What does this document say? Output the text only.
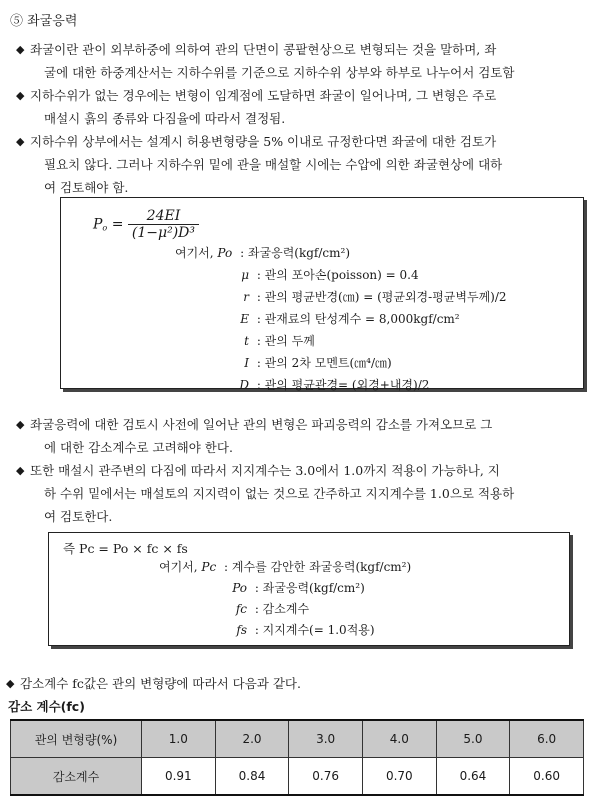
⑤ 좌굴응력
◆ 좌굴이란 관이 외부하중에 의하여 관의 단면이 콩팥현상으로 변형되는 것을 말하며, 좌

굴에 대한 하중계산서는 지하수위를 기준으로 지하수위 상부와 하부로 나누어서 검토함
◆ 지하수위가 없는 경우에는 변형이 임계점에 도달하면 좌굴이 일어나며, 그 변형은 주로

매설시 흙의 종류와 다짐율에 따라서 결정됨.
◆ 지하수위 상부에서는 설계시 허용변형량을 5% 이내로 규정한다면 좌굴에 대한 검토가

필요치 않다. 그러나 지하수위 밑에 관을 매설할 시에는 수압에 의한 좌굴현상에 대하
여 검토해야 함.
$P_o = \frac{24EI}{\text{(1−μ²)D³}}$
여기서, Po : 좌굴응력(kgf/cm²)
μ : 관의 포아손(poisson) = 0.4
r : 관의 평균반경(㎝) = (평균외경-평균벽두께)/2
E : 관재료의 탄성계수 = 8,000kgf/cm²
t : 관의 두께
I : 관의 2차 모멘트(㎝⁴/㎝)
D : 관의 평균관경= (외경+내경)/2
◆ 좌굴응력에 대한 검토시 사전에 일어난 관의 변형은 파괴응력의 감소를 가져오므로 그

에 대한 감소계수로 고려해야 한다.
◆ 또한 매설시 관주변의 다짐에 따라서 지지계수는 3.0에서 1.0까지 적용이 가능하나, 지

하 수위 밑에서는 매설토의 지지력이 없는 것으로 간주하고 지지계수를 1.0으로 적용하
여 검토한다.
즉 Pc = Po × fc × fs
여기서, Pc : 계수를 감안한 좌굴응력(kgf/cm²)
Po : 좌굴응력(kgf/cm²)
fc : 감소계수
fs : 지지계수(= 1.0적용)
◆ 감소계수 fc값은 관의 변형량에 따라서 다음과 같다.
감소 계수(fc)
관의 변형량(%)	1.0	2.0	3.0	4.0	5.0	6.0
감소계수	0.91	0.84	0.76	0.70	0.64	0.60
